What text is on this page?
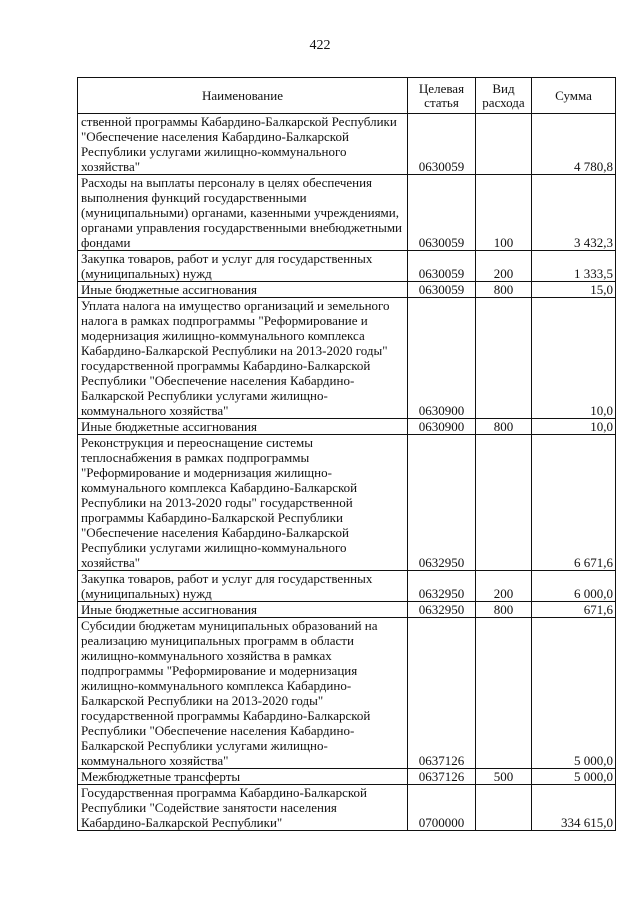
422
Наименование	Целевая статья	Вид расхода	Сумма
ственной программы Кабардино-Балкарской Республики "Обеспечение населения Кабардино-Балкарской Республики услугами жилищно-коммунального хозяйства"	0630059		4 780,8
Расходы на выплаты персоналу в целях обеспечения выполнения функций государственными (муниципальными) органами, казенными учреждениями, органами управления государственными внебюджетными фондами	0630059	100	3 432,3
Закупка товаров, работ и услуг для государственных (муниципальных) нужд	0630059	200	1 333,5
Иные бюджетные ассигнования	0630059	800	15,0
Уплата налога на имущество организаций и земельного налога в рамках подпрограммы "Реформирование и модернизация жилищно-коммунального комплекса Кабардино-Балкарской Республики на 2013-2020 годы" государственной программы Кабардино-Балкарской Республики "Обеспечение населения Кабардино-Балкарской Республики услугами жилищно-коммунального хозяйства"	0630900		10,0
Иные бюджетные ассигнования	0630900	800	10,0
Реконструкция и переоснащение системы теплоснабжения в рамках подпрограммы "Реформирование и модернизация жилищно-коммунального комплекса Кабардино-Балкарской Республики на 2013-2020 годы" государственной программы Кабардино-Балкарской Республики "Обеспечение населения Кабардино-Балкарской Республики услугами жилищно-коммунального хозяйства"	0632950		6 671,6
Закупка товаров, работ и услуг для государственных (муниципальных) нужд	0632950	200	6 000,0
Иные бюджетные ассигнования	0632950	800	671,6
Субсидии бюджетам муниципальных образований на реализацию муниципальных программ в области жилищно-коммунального хозяйства в рамках подпрограммы "Реформирование и модернизация жилищно-коммунального комплекса Кабардино-Балкарской Республики на 2013-2020 годы" государственной программы Кабардино-Балкарской Республики "Обеспечение населения Кабардино-Балкарской Республики услугами жилищно-коммунального хозяйства"	0637126		5 000,0
Межбюджетные трансферты	0637126	500	5 000,0
Государственная программа Кабардино-Балкарской Республики "Содействие занятости населения Кабардино-Балкарской Республики"	0700000		334 615,0
